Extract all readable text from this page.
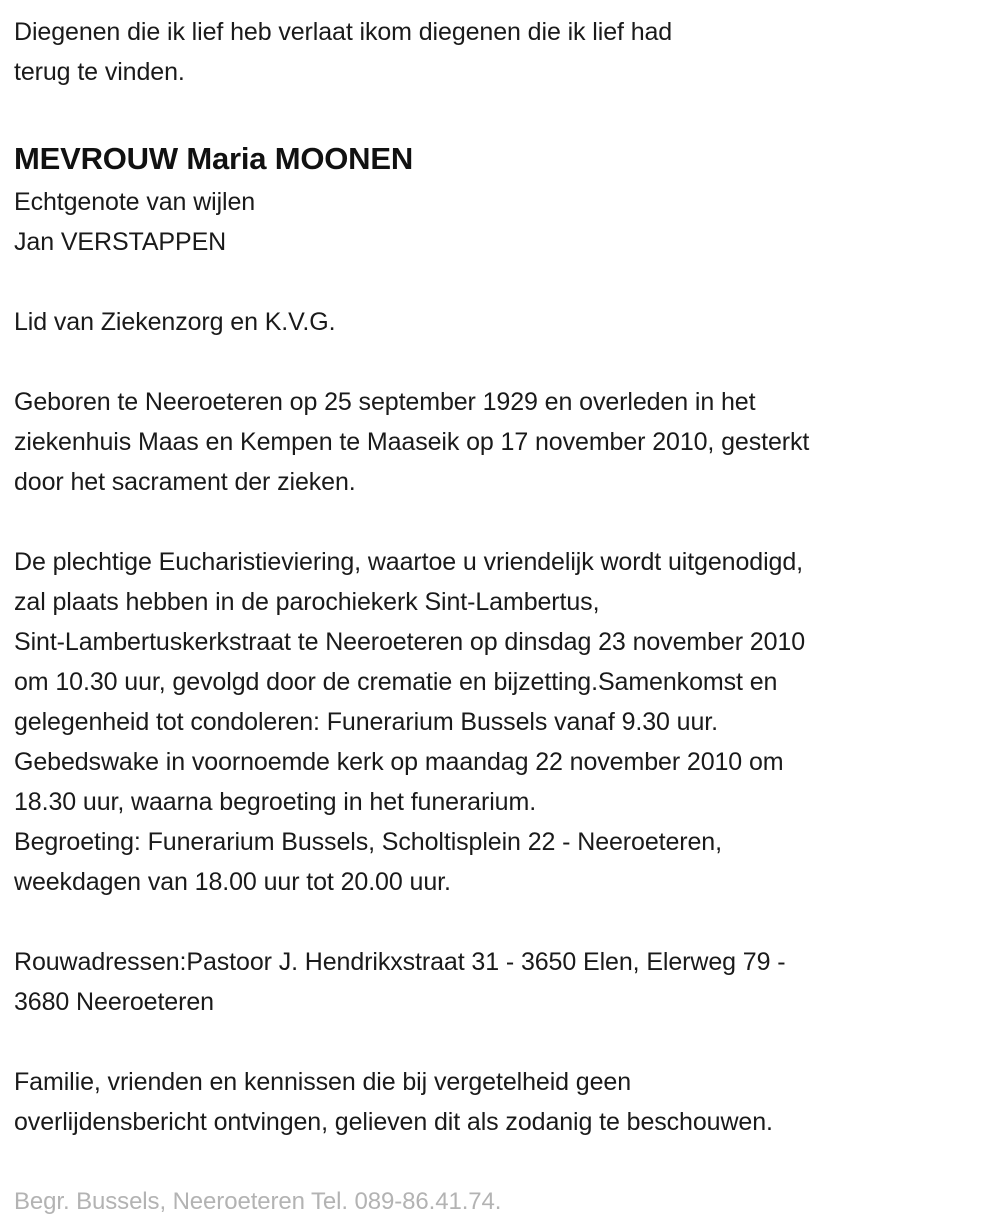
Diegenen die ik lief heb verlaat ikom diegenen die ik lief had
terug te vinden.
MEVROUW Maria MOONEN
Echtgenote van wijlen
Jan VERSTAPPEN
Lid van Ziekenzorg en K.V.G.
Geboren te Neeroeteren op 25 september 1929 en overleden in het
ziekenhuis Maas en Kempen te Maaseik op 17 november 2010, gesterkt
door het sacrament der zieken.
De plechtige Eucharistieviering, waartoe u vriendelijk wordt uitgenodigd,
zal plaats hebben in de parochiekerk Sint-Lambertus,
Sint-Lambertuskerkstraat te Neeroeteren op dinsdag 23 november 2010
om 10.30 uur, gevolgd door de crematie en bijzetting.Samenkomst en
gelegenheid tot condoleren: Funerarium Bussels vanaf 9.30 uur.
Gebedswake in voornoemde kerk op maandag 22 november 2010 om
18.30 uur, waarna begroeting in het funerarium.
Begroeting: Funerarium Bussels, Scholtisplein 22 - Neeroeteren,
weekdagen van 18.00 uur tot 20.00 uur.
Rouwadressen:Pastoor J. Hendrikxstraat 31 - 3650 Elen, Elerweg 79 -
3680 Neeroeteren
Familie, vrienden en kennissen die bij vergetelheid geen
overlijdensbericht ontvingen, gelieven dit als zodanig te beschouwen.
Begr. Bussels, Neeroeteren Tel. 089-86.41.74.
